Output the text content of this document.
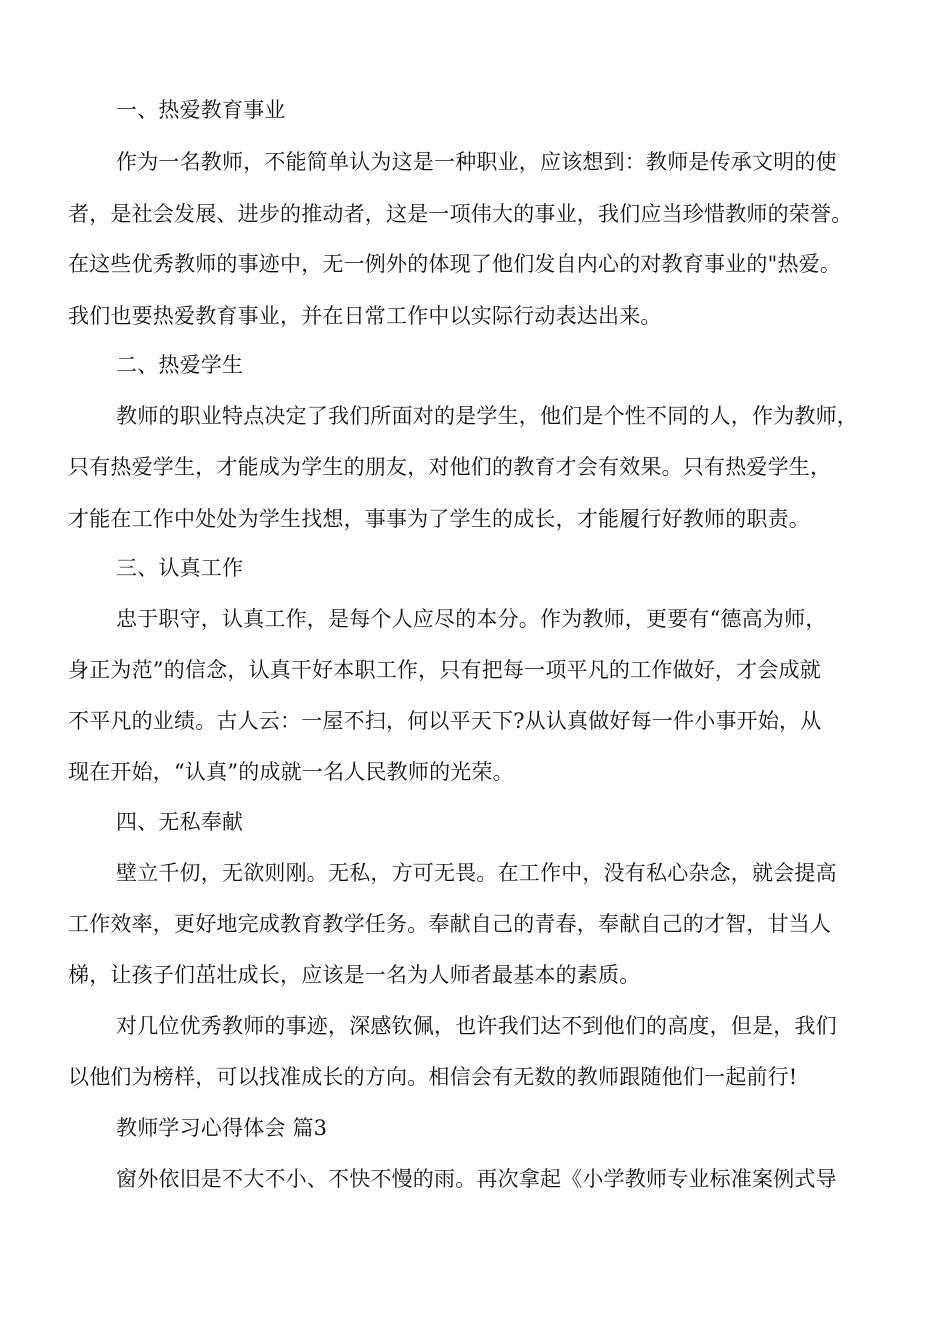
一、热爱教育事业
作为一名教师，不能简单认为这是一种职业，应该想到：教师是传承文明的使
者，是社会发展、进步的推动者，这是一项伟大的事业，我们应当珍惜教师的荣誉。
在这些优秀教师的事迹中，无一例外的体现了他们发自内心的对教育事业的"热爱。
我们也要热爱教育事业，并在日常工作中以实际行动表达出来。
二、热爱学生
教师的职业特点决定了我们所面对的是学生，他们是个性不同的人，作为教师，
只有热爱学生，才能成为学生的朋友，对他们的教育才会有效果。只有热爱学生，
才能在工作中处处为学生找想，事事为了学生的成长，才能履行好教师的职责。
三、认真工作
忠于职守，认真工作，是每个人应尽的本分。作为教师，更要有“德高为师，
身正为范”的信念，认真干好本职工作，只有把每一项平凡的工作做好，才会成就
不平凡的业绩。古人云：一屋不扫，何以平天下?从认真做好每一件小事开始，从
现在开始，“认真”的成就一名人民教师的光荣。
四、无私奉献
壁立千仞，无欲则刚。无私，方可无畏。在工作中，没有私心杂念，就会提高
工作效率，更好地完成教育教学任务。奉献自己的青春，奉献自己的才智，甘当人
梯，让孩子们茁壮成长，应该是一名为人师者最基本的素质。
对几位优秀教师的事迹，深感钦佩，也许我们达不到他们的高度，但是，我们
以他们为榜样，可以找准成长的方向。相信会有无数的教师跟随他们一起前行!
教师学习心得体会 篇3
窗外依旧是不大不小、不快不慢的雨。再次拿起《小学教师专业标准案例式导
